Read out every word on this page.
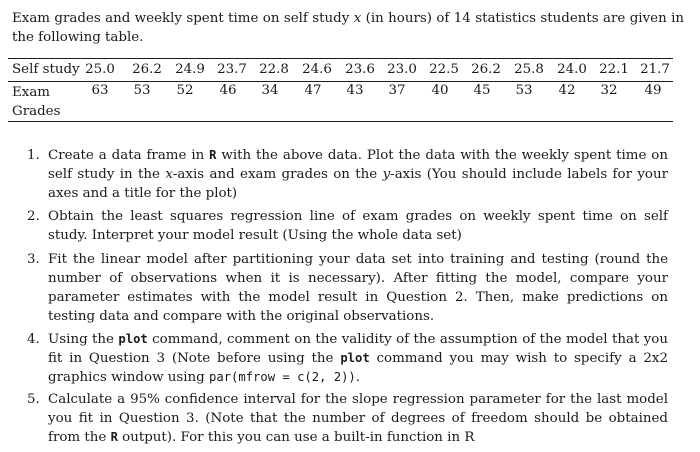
Exam grades and weekly spent time on self study x (in hours) of 14 statistics students are given in the following table.

Self study 25.0	26.2 24.9 23.7 22.8 24.6 23.6 23.0 22.5 26.2 25.8 24.0 22.1 21.7
Exam
Grades
63	53	52	46	34	47	43	37	40	45	53	42	32	49
1. Create a data frame in R with the above data. Plot the data with the weekly spent time on self study in the x-axis and exam grades on the y-axis (You should include labels for your axes and a title for the plot)
2. Obtain the least squares regression line of exam grades on weekly spent time on self study. Interpret your model result (Using the whole data set)
3. Fit the linear model after partitioning your data set into training and testing (round the number of observations when it is necessary). After fitting the model, compare your parameter estimates with the model result in Question 2. Then, make predictions on testing data and compare with the original observations.
4. Using the plot command, comment on the validity of the assumption of the model that you fit in Question 3 (Note before using the plot command you may wish to specify a 2x2 graphics window using par(mfrow = c(2, 2)).
5. Calculate a 95% confidence interval for the slope regression parameter for the last model you fit in Question 3. (Note that the number of degrees of freedom should be obtained from the R output). For this you can use a built-in function in R
